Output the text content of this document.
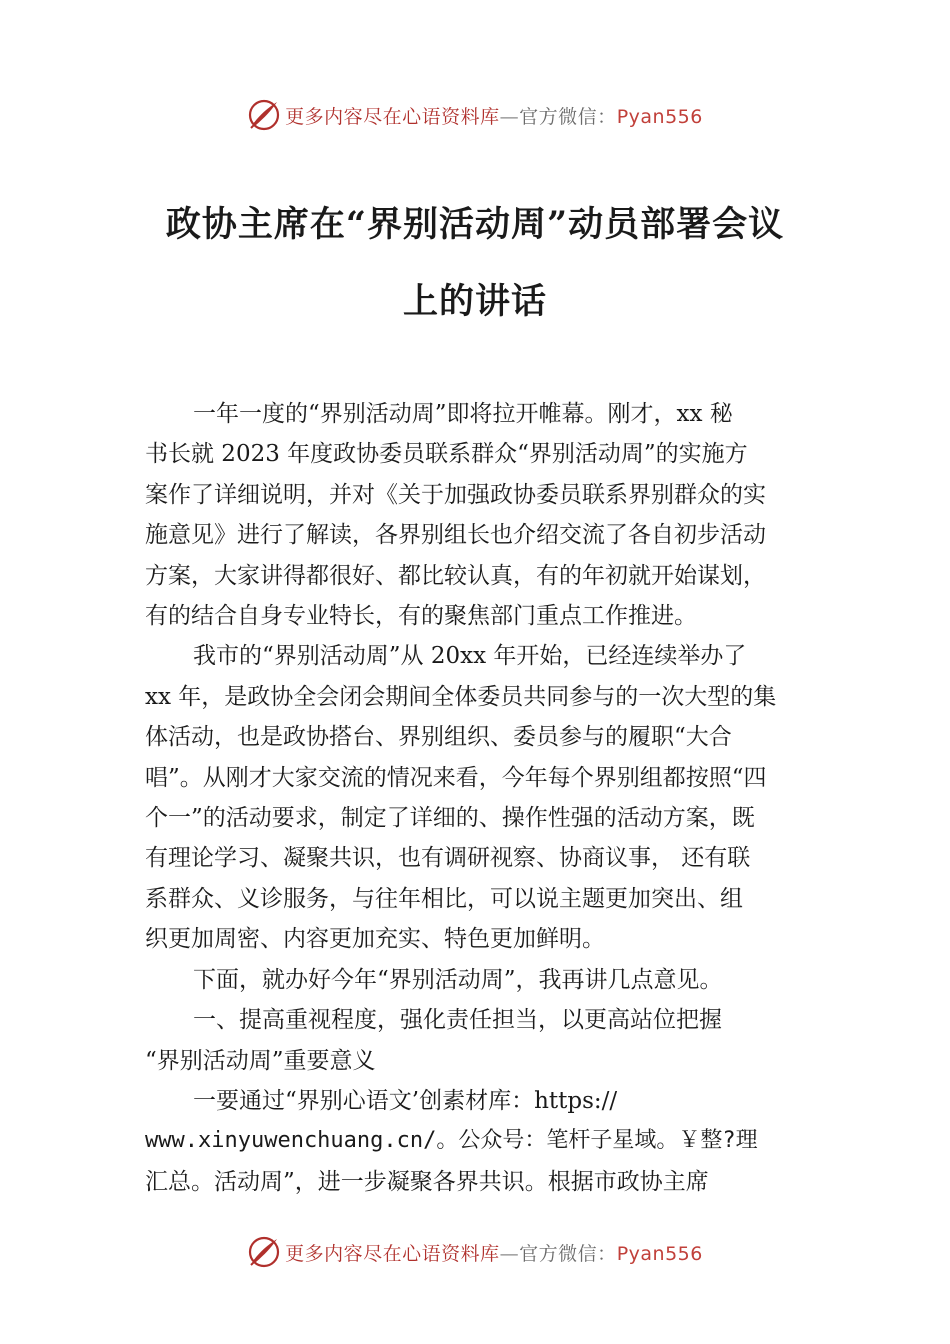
更多内容尽在心语资料库—官方微信：Pyan556
政协主席在“界别活动周”动员部署会议
上的讲话

一年一度的“界别活动周”即将拉开帷幕。刚才，xx 秘

书长就 2023 年度政协委员联系群众“界别活动周”的实施方

案作了详细说明，并对《关于加强政协委员联系界别群众的实

施意见》进行了解读，各界别组长也介绍交流了各自初步活动

方案，大家讲得都很好、都比较认真，有的年初就开始谋划，

有的结合自身专业特长，有的聚焦部门重点工作推进。

我市的“界别活动周”从 20xx 年开始，已经连续举办了

xx 年，是政协全会闭会期间全体委员共同参与的一次大型的集

体活动，也是政协搭台、界别组织、委员参与的履职“大合

唱”。从刚才大家交流的情况来看，今年每个界别组都按照“四

个一”的活动要求，制定了详细的、操作性强的活动方案，既

有理论学习、凝聚共识，也有调研视察、协商议事， 还有联

系群众、义诊服务，与往年相比，可以说主题更加突出、组

织更加周密、内容更加充实、特色更加鲜明。

下面，就办好今年“界别活动周”，我再讲几点意见。

一、提高重视程度，强化责任担当，以更高站位把握

“界别活动周”重要意义

一要通过“界别心语文’创素材库：https://

www.xinyuwenchuang.cn/。公众号：笔杆子星域。￥整?理

汇总。活动周”，进一步凝聚各界共识。根据市政协主席

更多内容尽在心语资料库—官方微信：Pyan556
